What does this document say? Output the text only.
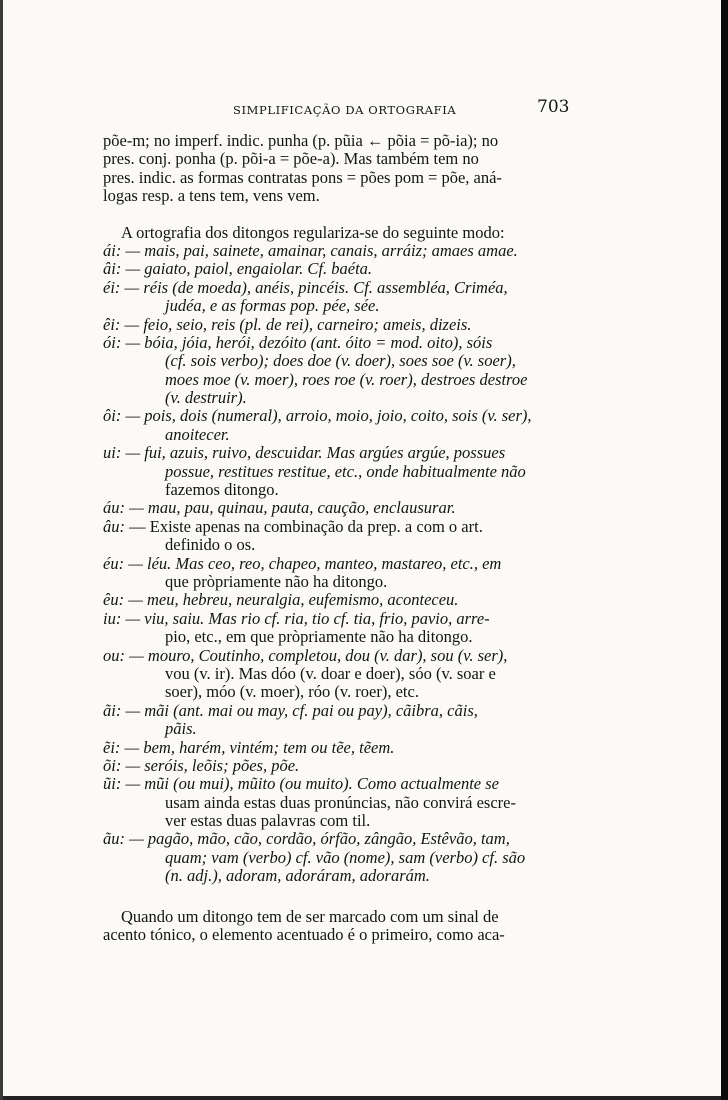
SIMPLIFICAÇÃO DA ORTOGRAFIA	703
põe-m; no imperf. indic. punha (p. pũia ← põia = põ-ia); no
pres. conj. ponha (p. põi-a = põe-a). Mas também tem no
pres. indic. as formas contratas pons = pões pom = põe, aná-
logas resp. a tens tem, vens vem.
A ortografia dos ditongos regulariza-se do seguinte modo:
ái: — mais, pai, sainete, amainar, canais, arráiz; amaes amae.
âi: — gaiato, paiol, engaiolar. Cf. baéta.
éi: — réis (de moeda), anéis, pincéis. Cf. assembléa, Criméa,
judéa, e as formas pop. pée, sée.
êi: — feio, seio, reis (pl. de rei), carneiro; ameis, dizeis.
ói: — bóia, jóia, herói, dezóito (ant. óito = mod. oito), sóis
(cf. sois verbo); does doe (v. doer), soes soe (v. soer),
moes moe (v. moer), roes roe (v. roer), destroes destroe
(v. destruir).
ôi: — pois, dois (numeral), arroio, moio, joio, coito, sois (v. ser),
anoitecer.
ui: — fui, azuis, ruivo, descuidar. Mas argúes argúe, possues
possue, restitues restitue, etc., onde habitualmente não
fazemos ditongo.
áu: — mau, pau, quinau, pauta, caução, enclausurar.
âu: — Existe apenas na combinação da prep. a com o art.
definido o os.
éu: — léu. Mas ceo, reo, chapeo, manteo, mastareo, etc., em
que pròpriamente não ha ditongo.
êu: — meu, hebreu, neuralgia, eufemismo, aconteceu.
iu: — viu, saiu. Mas rio cf. ria, tio cf. tia, frio, pavio, arre-
pio, etc., em que pròpriamente não ha ditongo.
ou: — mouro, Coutinho, completou, dou (v. dar), sou (v. ser),
vou (v. ir). Mas dóo (v. doar e doer), sóo (v. soar e
soer), móo (v. moer), róo (v. roer), etc.
ãi: — mãi (ant. mai ou may, cf. pai ou pay), cãibra, cãis,
pãis.
ẽi: — bem, harém, vintém; tem ou tẽe, tẽem.
õi: — seróis, leõis; pões, põe.
ũi: — mũi (ou mui), mũito (ou muito). Como actualmente se
usam ainda estas duas pronúncias, não convirá escre-
ver estas duas palavras com til.
ãu: — pagão, mão, cão, cordão, órfão, zângão, Estêvão, tam,
quam; vam (verbo) cf. vão (nome), sam (verbo) cf. são
(n. adj.), adoram, adoráram, adorarám.
Quando um ditongo tem de ser marcado com um sinal de
acento tónico, o elemento acentuado é o primeiro, como aca-
